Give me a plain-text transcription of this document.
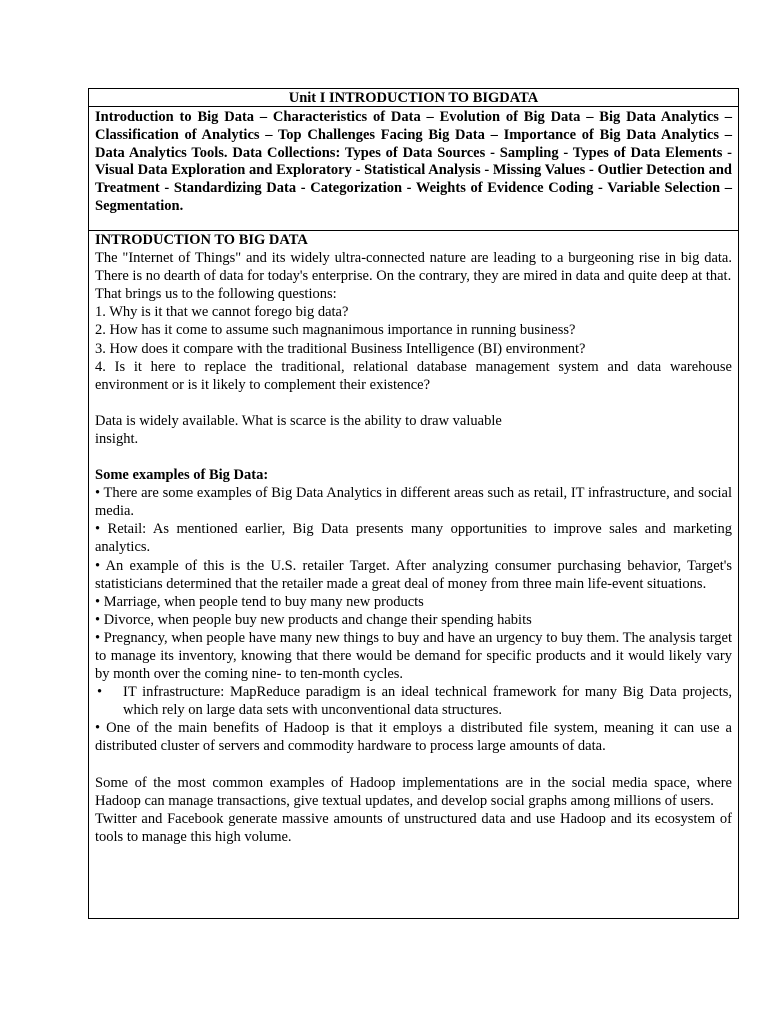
Unit I INTRODUCTION TO BIGDATA
Introduction to Big Data – Characteristics of Data – Evolution of Big Data – Big Data Analytics – Classification of Analytics – Top Challenges Facing Big Data – Importance of Big Data Analytics – Data Analytics Tools. Data Collections: Types of Data Sources - Sampling - Types of Data Elements - Visual Data Exploration and Exploratory - Statistical Analysis - Missing Values - Outlier Detection and Treatment - Standardizing Data - Categorization - Weights of Evidence Coding - Variable Selection – Segmentation.

INTRODUCTION TO BIG DATA

The "Internet of Things" and its widely ultra-connected nature are leading to a burgeoning rise in big data. There is no dearth of data for today's enterprise. On the contrary, they are mired in data and quite deep at that.

That brings us to the following questions:

1. Why is it that we cannot forego big data?

2. How has it come to assume such magnanimous importance in running business?

3. How does it compare with the traditional Business Intelligence (BI) environment?

4. Is it here to replace the traditional, relational database management system and data warehouse environment or is it likely to complement their existence?

Data is widely available. What is scarce is the ability to draw valuable

insight.

Some examples of Big Data:

• There are some examples of Big Data Analytics in different areas such as retail, IT infrastructure, and social media.

• Retail: As mentioned earlier, Big Data presents many opportunities to improve sales and marketing analytics.

• An example of this is the U.S. retailer Target. After analyzing consumer purchasing behavior, Target's statisticians determined that the retailer made a great deal of money from three main life-event situations.

• Marriage, when people tend to buy many new products

• Divorce, when people buy new products and change their spending habits

• Pregnancy, when people have many new things to buy and have an urgency to buy them. The analysis target to manage its inventory, knowing that there would be demand for specific products and it would likely vary by month over the coming nine- to ten-month cycles.

•	IT infrastructure: MapReduce paradigm is an ideal technical framework for many Big Data projects, which rely on large data sets with unconventional data structures.

• One of the main benefits of Hadoop is that it employs a distributed file system, meaning it can use a distributed cluster of servers and commodity hardware to process large amounts of data.

Some of the most common examples of Hadoop implementations are in the social media space, where Hadoop can manage transactions, give textual updates, and develop social graphs among millions of users.

Twitter and Facebook generate massive amounts of unstructured data and use Hadoop and its ecosystem of tools to manage this high volume.
